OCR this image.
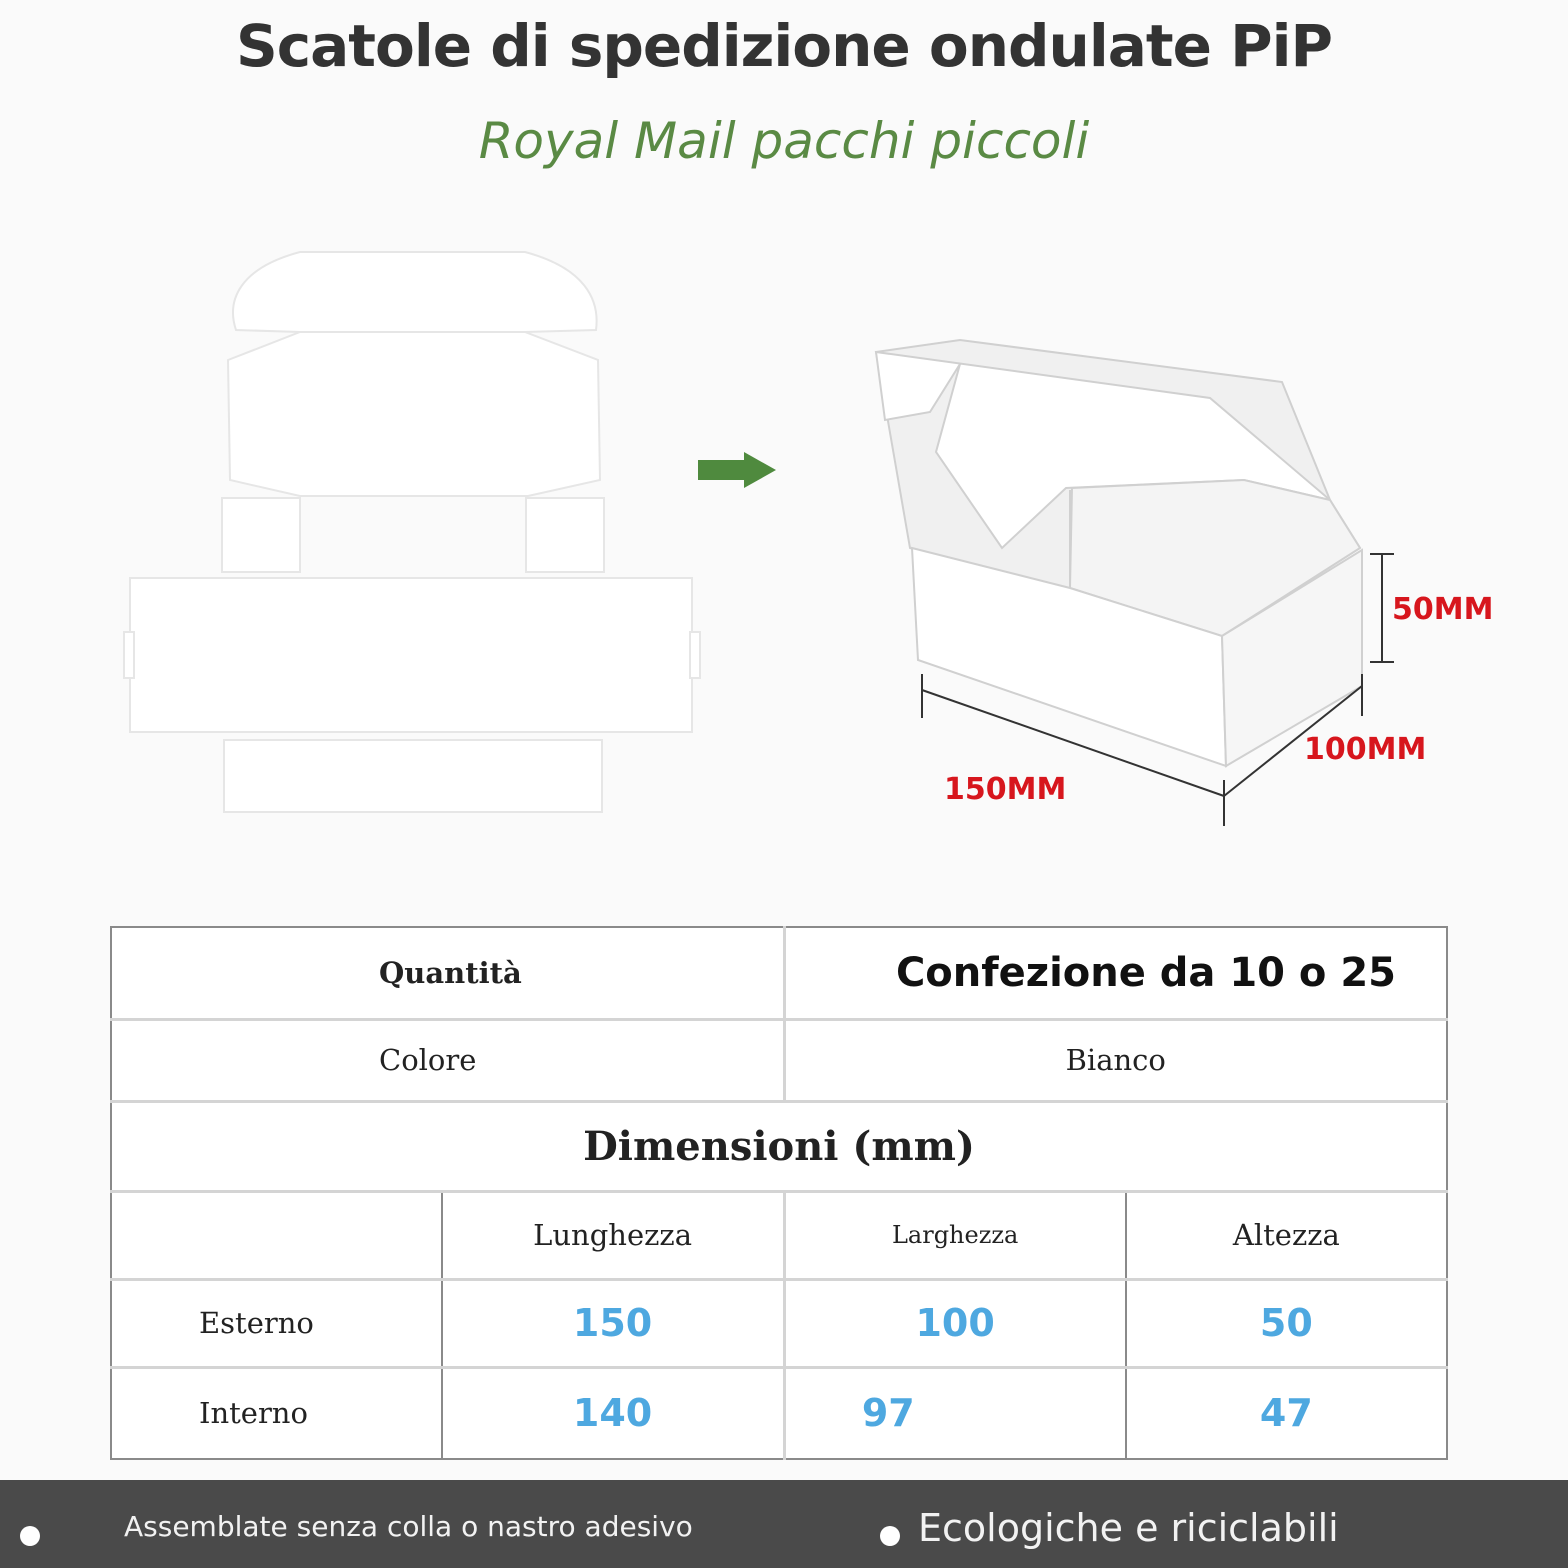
Scatole di spedizione ondulate PiP
Royal Mail pacchi piccoli
50MM
100MM
150MM
Quantità		Confezione da 10 o 25	
Colore		Bianco	
Dimensioni (mm)			
	Lunghezza	Larghezza	Altezza
Esterno	150	100	50
Interno	140	97	47
Assemblate senza colla o nastro adesivo	Ecologiche e riciclabili
